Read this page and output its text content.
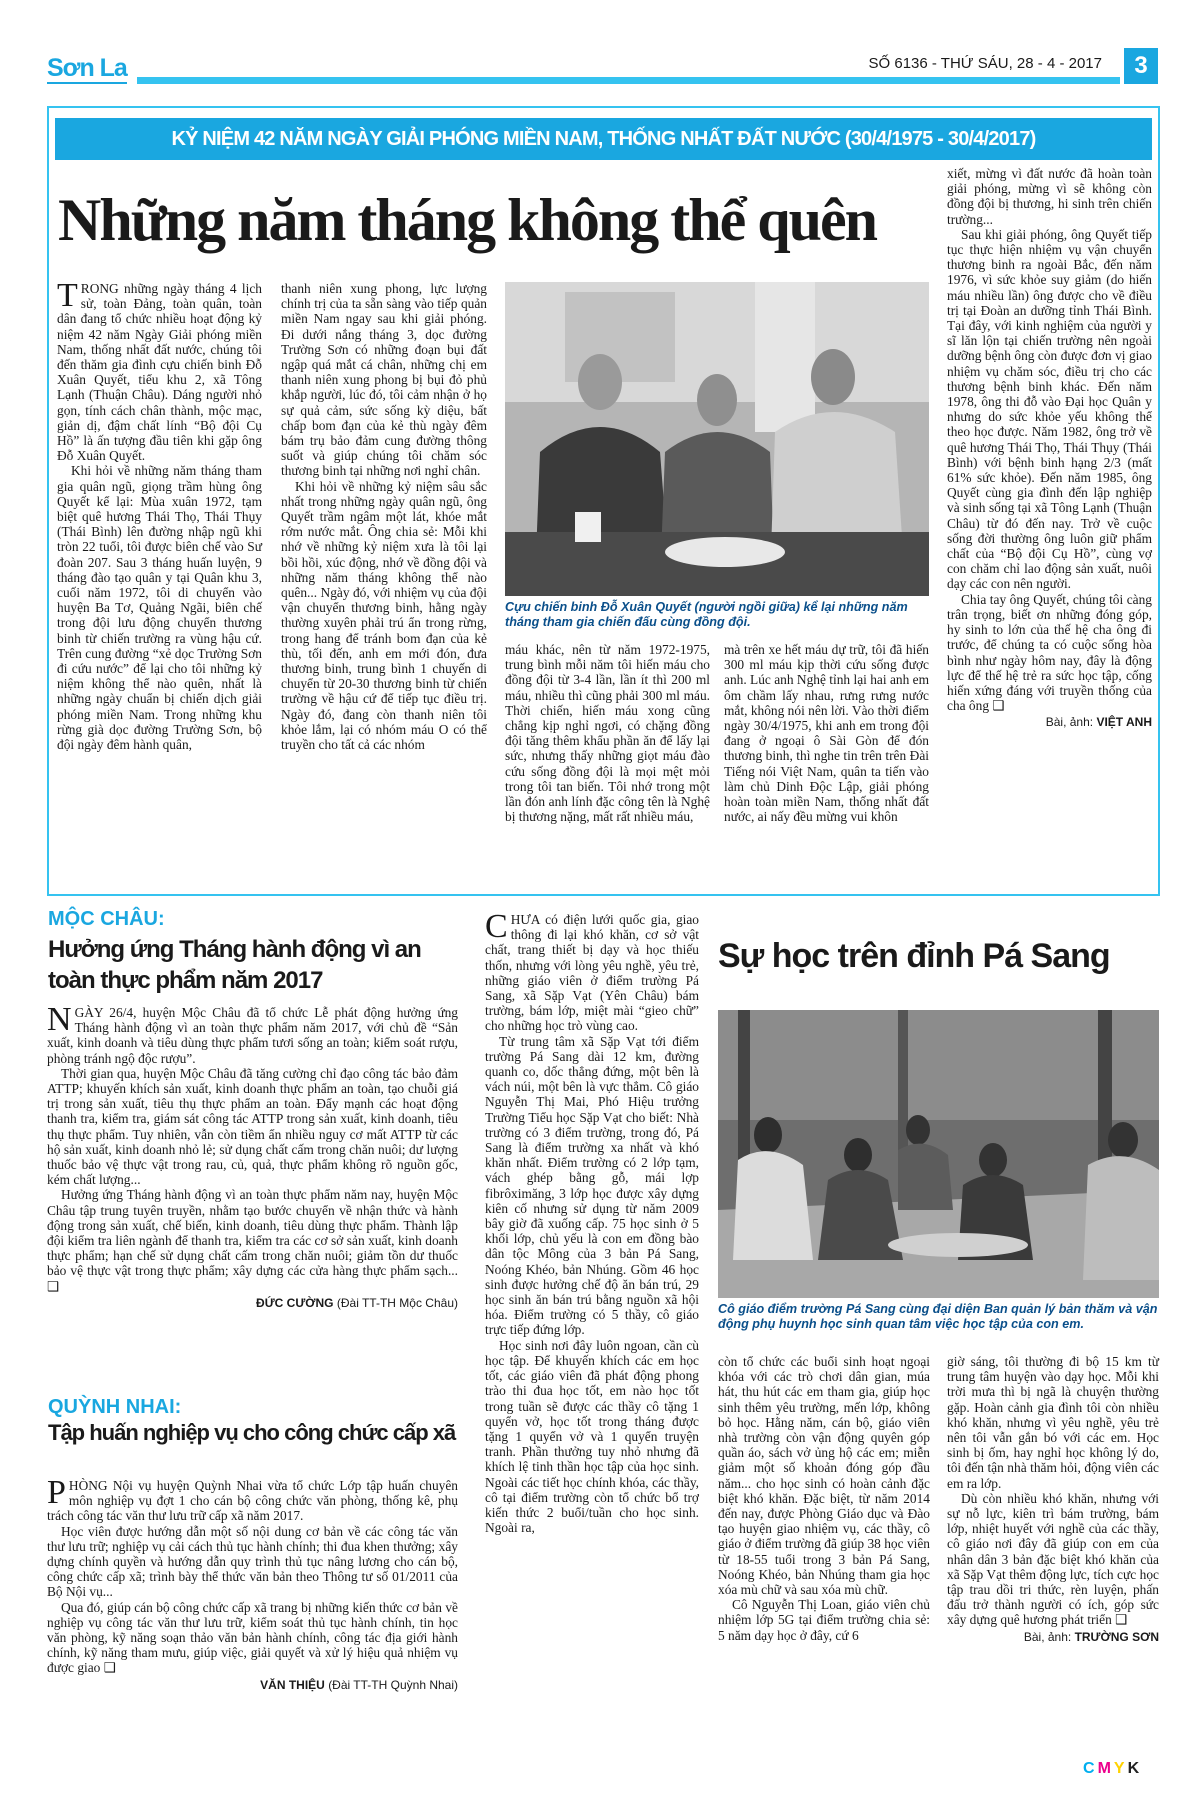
Sơn La	SỐ 6136 - THỨ SÁU, 28 - 4 - 2017	3
KỶ NIỆM 42 NĂM NGÀY GIẢI PHÓNG MIỀN NAM, THỐNG NHẤT ĐẤT NƯỚC (30/4/1975 - 30/4/2017)
Những năm tháng không thể quên
T RONG những ngày tháng 4 lịch sử, toàn Đảng, toàn quân, toàn dân đang tổ chức nhiều hoạt động kỷ niệm 42 năm Ngày Giải phóng miền Nam, thống nhất đất nước, chúng tôi đến thăm gia đình cựu chiến binh Đỗ Xuân Quyết, tiểu khu 2, xã Tông Lạnh (Thuận Châu). Dáng người nhỏ gọn, tính cách chân thành, mộc mạc, giản dị, đậm chất lính “Bộ đội Cụ Hồ” là ấn tượng đầu tiên khi gặp ông Đỗ Xuân Quyết.

Khi hỏi về những năm tháng tham gia quân ngũ, giọng trầm hùng ông Quyết kể lại: Mùa xuân 1972, tạm biệt quê hương Thái Thọ, Thái Thụy (Thái Bình) lên đường nhập ngũ khi tròn 22 tuổi, tôi được biên chế vào Sư đoàn 207. Sau 3 tháng huấn luyện, 9 tháng đào tạo quân y tại Quân khu 3, cuối năm 1972, tôi di chuyển vào huyện Ba Tơ, Quảng Ngãi, biên chế trong đội lưu động chuyển thương binh từ chiến trường ra vùng hậu cứ. Trên cung đường “xẻ dọc Trường Sơn đi cứu nước” để lại cho tôi những kỷ niệm không thể nào quên, nhất là những ngày chuẩn bị chiến dịch giải phóng miền Nam. Trong những khu rừng già dọc đường Trường Sơn, bộ đội ngày đêm hành quân,

thanh niên xung phong, lực lượng chính trị của ta sẵn sàng vào tiếp quản miền Nam ngay sau khi giải phóng. Đi dưới nắng tháng 3, dọc đường Trường Sơn có những đoạn bụi đất ngập quá mắt cá chân, những chị em thanh niên xung phong bị bụi đỏ phủ khắp người, lúc đó, tôi cảm nhận ở họ sự quả cảm, sức sống kỳ diệu, bất chấp bom đạn của kẻ thù ngày đêm bám trụ bảo đảm cung đường thông suốt và giúp chúng tôi chăm sóc thương binh tại những nơi nghỉ chân.

Khi hỏi về những kỷ niệm sâu sắc nhất trong những ngày quân ngũ, ông Quyết trầm ngâm một lát, khóe mắt rớm nước mắt. Ông chia sẻ: Mỗi khi nhớ về những kỷ niệm xưa là tôi lại bồi hồi, xúc động, nhớ về đồng đội và những năm tháng không thể nào quên... Ngày đó, với nhiệm vụ của đội vận chuyển thương binh, hằng ngày thường xuyên phải trú ẩn trong rừng, trong hang để tránh bom đạn của kẻ thù, tối đến, anh em mới đón, đưa thương binh, trung bình 1 chuyến di chuyển từ 20-30 thương binh từ chiến trường về hậu cứ để tiếp tục điều trị. Ngày đó, đang còn thanh niên tôi khỏe lắm, lại có nhóm máu O có thể truyền cho tất cả các nhóm

Cựu chiến binh Đỗ Xuân Quyết (người ngồi giữa) kể lại những năm tháng tham gia chiến đấu cùng đồng đội.

máu khác, nên từ năm 1972-1975, trung bình mỗi năm tôi hiến máu cho đồng đội từ 3-4 lần, lần ít thì 200 ml máu, nhiều thì cũng phải 300 ml máu. Thời chiến, hiến máu xong cũng chẳng kịp nghỉ ngơi, có chặng đồng đội tăng thêm khẩu phần ăn để lấy lại sức, nhưng thấy những giọt máu đào cứu sống đồng đội là mọi mệt mỏi trong tôi tan biến. Tôi nhớ trong một lần đón anh lính đặc công tên là Nghệ bị thương nặng, mất rất nhiều máu,

mà trên xe hết máu dự trữ, tôi đã hiến 300 ml máu kịp thời cứu sống được anh. Lúc anh Nghệ tỉnh lại hai anh em ôm chầm lấy nhau, rưng rưng nước mắt, không nói nên lời. Vào thời điểm ngày 30/4/1975, khi anh em trong đội đang ở ngoại ô Sài Gòn để đón thương binh, thì nghe tin trên trên Đài Tiếng nói Việt Nam, quân ta tiến vào làm chủ Dinh Độc Lập, giải phóng hoàn toàn miền Nam, thống nhất đất nước, ai nấy đều mừng vui khôn

xiết, mừng vì đất nước đã hoàn toàn giải phóng, mừng vì sẽ không còn đồng đội bị thương, hi sinh trên chiến trường...

Sau khi giải phóng, ông Quyết tiếp tục thực hiện nhiệm vụ vận chuyển thương binh ra ngoài Bắc, đến năm 1976, vì sức khỏe suy giảm (do hiến máu nhiều lần) ông được cho về điều trị tại Đoàn an dưỡng tỉnh Thái Bình. Tại đây, với kinh nghiệm của người y sĩ lăn lộn tại chiến trường nên ngoài dưỡng bệnh ông còn được đơn vị giao nhiệm vụ chăm sóc, điều trị cho các thương bệnh binh khác. Đến năm 1978, ông thi đỗ vào Đại học Quân y nhưng do sức khỏe yếu không thể theo học được. Năm 1982, ông trở về quê hương Thái Thọ, Thái Thụy (Thái Bình) với bệnh binh hạng 2/3 (mất 61% sức khỏe). Đến năm 1985, ông Quyết cùng gia đình đến lập nghiệp và sinh sống tại xã Tông Lạnh (Thuận Châu) từ đó đến nay. Trở về cuộc sống đời thường ông luôn giữ phẩm chất của “Bộ đội Cụ Hồ”, cùng vợ con chăm chỉ lao động sản xuất, nuôi dạy các con nên người.

Chia tay ông Quyết, chúng tôi càng trân trọng, biết ơn những đóng góp, hy sinh to lớn của thế hệ cha ông đi trước, để chúng ta có cuộc sống hòa bình như ngày hôm nay, đây là động lực để thế hệ trẻ ra sức học tập, cống hiến xứng đáng với truyền thống của cha ông ❑

Bài, ảnh: VIỆT ANH
MỘC CHÂU:
Hưởng ứng Tháng hành động vì an toàn thực phẩm năm 2017
N GÀY 26/4, huyện Mộc Châu đã tổ chức Lễ phát động hưởng ứng Tháng hành động vì an toàn thực phẩm năm 2017, với chủ đề “Sản xuất, kinh doanh và tiêu dùng thực phẩm tươi sống an toàn; kiểm soát rượu, phòng tránh ngộ độc rượu”.

Thời gian qua, huyện Mộc Châu đã tăng cường chỉ đạo công tác bảo đảm ATTP; khuyến khích sản xuất, kinh doanh thực phẩm an toàn, tạo chuỗi giá trị trong sản xuất, tiêu thụ thực phẩm an toàn. Đẩy mạnh các hoạt động thanh tra, kiểm tra, giám sát công tác ATTP trong sản xuất, kinh doanh, tiêu thụ thực phẩm. Tuy nhiên, vẫn còn tiềm ẩn nhiều nguy cơ mất ATTP từ các hộ sản xuất, kinh doanh nhỏ lẻ; sử dụng chất cấm trong chăn nuôi; dư lượng thuốc bảo vệ thực vật trong rau, củ, quả, thực phẩm không rõ nguồn gốc, kém chất lượng...

Hưởng ứng Tháng hành động vì an toàn thực phẩm năm nay, huyện Mộc Châu tập trung tuyên truyền, nhằm tạo bước chuyển về nhận thức và hành động trong sản xuất, chế biến, kinh doanh, tiêu dùng thực phẩm. Thành lập đội kiểm tra liên ngành để thanh tra, kiểm tra các cơ sở sản xuất, kinh doanh thực phẩm; hạn chế sử dụng chất cấm trong chăn nuôi; giảm tồn dư thuốc bảo vệ thực vật trong thực phẩm; xây dựng các cửa hàng thực phẩm sạch... ❑

ĐỨC CƯỜNG (Đài TT-TH Mộc Châu)
QUỲNH NHAI:
Tập huấn nghiệp vụ cho công chức cấp xã
P HÒNG Nội vụ huyện Quỳnh Nhai vừa tổ chức Lớp tập huấn chuyên môn nghiệp vụ đợt 1 cho cán bộ công chức văn phòng, thống kê, phụ trách công tác văn thư lưu trữ cấp xã năm 2017.

Học viên được hướng dẫn một số nội dung cơ bản về các công tác văn thư lưu trữ; nghiệp vụ cải cách thủ tục hành chính; thi đua khen thưởng; xây dựng chính quyền và hướng dẫn quy trình thủ tục nâng lương cho cán bộ, công chức cấp xã; trình bày thể thức văn bản theo Thông tư số 01/2011 của Bộ Nội vụ...

Qua đó, giúp cán bộ công chức cấp xã trang bị những kiến thức cơ bản về nghiệp vụ công tác văn thư lưu trữ, kiểm soát thủ tục hành chính, tin học văn phòng, kỹ năng soạn thảo văn bản hành chính, công tác địa giới hành chính, kỹ năng tham mưu, giúp việc, giải quyết và xử lý hiệu quả nhiệm vụ được giao ❑

VĂN THIỆU (Đài TT-TH Quỳnh Nhai)
C HƯA có điện lưới quốc gia, giao thông đi lại khó khăn, cơ sở vật chất, trang thiết bị dạy và học thiếu thốn, nhưng với lòng yêu nghề, yêu trẻ, những giáo viên ở điểm trường Pá Sang, xã Sặp Vạt (Yên Châu) bám trường, bám lớp, miệt mài “gieo chữ” cho những học trò vùng cao.

Từ trung tâm xã Sặp Vạt tới điểm trường Pá Sang dài 12 km, đường quanh co, dốc thẳng đứng, một bên là vách núi, một bên là vực thẳm. Cô giáo Nguyễn Thị Mai, Phó Hiệu trưởng Trường Tiểu học Sặp Vạt cho biết: Nhà trường có 3 điểm trường, trong đó, Pá Sang là điểm trường xa nhất và khó khăn nhất. Điểm trường có 2 lớp tạm, vách ghép bằng gỗ, mái lợp fibrôximăng, 3 lớp học được xây dựng kiên cố nhưng sử dụng từ năm 2009 bây giờ đã xuống cấp. 75 học sinh ở 5 khối lớp, chủ yếu là con em đồng bào dân tộc Mông của 3 bản Pá Sang, Noóng Khéo, bản Nhúng. Gồm 46 học sinh được hưởng chế độ ăn bán trú, 29 học sinh ăn bán trú bằng nguồn xã hội hóa. Điểm trường có 5 thầy, cô giáo trực tiếp đứng lớp.

Học sinh nơi đây luôn ngoan, cần cù học tập. Để khuyến khích các em học tốt, các giáo viên đã phát động phong trào thi đua học tốt, em nào học tốt trong tuần sẽ được các thầy cô tặng 1 quyển vở, học tốt trong tháng được tặng 1 quyển vở và 1 quyển truyện tranh. Phần thưởng tuy nhỏ nhưng đã khích lệ tinh thần học tập của học sinh. Ngoài các tiết học chính khóa, các thầy, cô tại điểm trường còn tổ chức bổ trợ kiến thức 2 buổi/tuần cho học sinh. Ngoài ra,

Sự học trên đỉnh Pá Sang
Cô giáo điểm trường Pá Sang cùng đại diện Ban quản lý bản thăm và vận động phụ huynh học sinh quan tâm việc học tập của con em.

còn tổ chức các buổi sinh hoạt ngoại khóa với các trò chơi dân gian, múa hát, thu hút các em tham gia, giúp học sinh thêm yêu trường, mến lớp, không bỏ học. Hằng năm, cán bộ, giáo viên nhà trường còn vận động quyên góp quần áo, sách vở ủng hộ các em; miễn giảm một số khoản đóng góp đầu năm... cho học sinh có hoàn cảnh đặc biệt khó khăn. Đặc biệt, từ năm 2014 đến nay, được Phòng Giáo dục và Đào tạo huyện giao nhiệm vụ, các thầy, cô giáo ở điểm trường đã giúp 38 học viên từ 18-55 tuổi trong 3 bản Pá Sang, Noóng Khéo, bản Nhúng tham gia học xóa mù chữ và sau xóa mù chữ.

Cô Nguyễn Thị Loan, giáo viên chủ nhiệm lớp 5G tại điểm trường chia sẻ: 5 năm dạy học ở đây, cứ 6

giờ sáng, tôi thường đi bộ 15 km từ trung tâm huyện vào dạy học. Mỗi khi trời mưa thì bị ngã là chuyện thường gặp. Hoàn cảnh gia đình tôi còn nhiều khó khăn, nhưng vì yêu nghề, yêu trẻ nên tôi vẫn gắn bó với các em. Học sinh bị ốm, hay nghỉ học không lý do, tôi đến tận nhà thăm hỏi, động viên các em ra lớp.

Dù còn nhiều khó khăn, nhưng với sự nỗ lực, kiên trì bám trường, bám lớp, nhiệt huyết với nghề của các thầy, cô giáo nơi đây đã giúp con em của nhân dân 3 bản đặc biệt khó khăn của xã Sặp Vạt thêm động lực, tích cực học tập trau dồi tri thức, rèn luyện, phấn đấu trở thành người có ích, góp sức xây dựng quê hương phát triển ❑

Bài, ảnh: TRƯỜNG SƠN
CMYK
